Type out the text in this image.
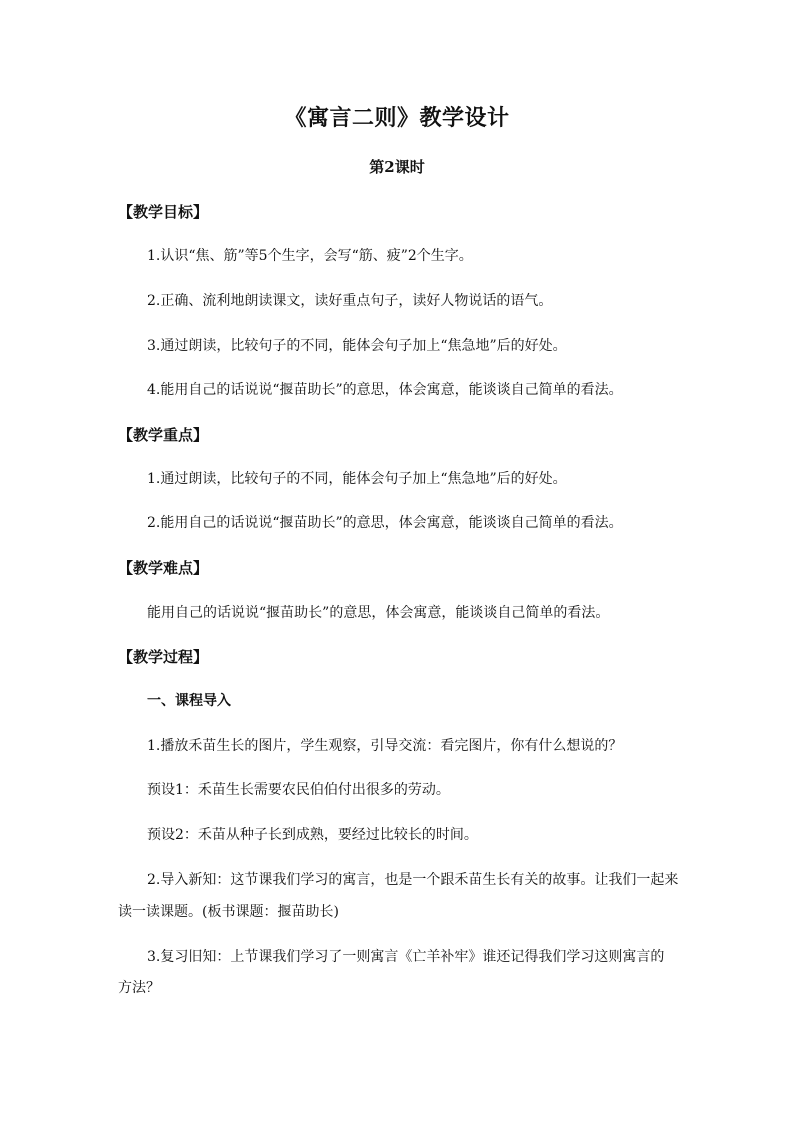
《寓言二则》教学设计
第2课时
【教学目标】
1.认识“焦、筋”等5个生字，会写“筋、疲”2个生字。
2.正确、流利地朗读课文，读好重点句子，读好人物说话的语气。
3.通过朗读，比较句子的不同，能体会句子加上“焦急地”后的好处。
4.能用自己的话说说“揠苗助长”的意思，体会寓意，能谈谈自己简单的看法。
【教学重点】
1.通过朗读，比较句子的不同，能体会句子加上“焦急地”后的好处。
2.能用自己的话说说“揠苗助长”的意思，体会寓意，能谈谈自己简单的看法。
【教学难点】
能用自己的话说说“揠苗助长”的意思，体会寓意，能谈谈自己简单的看法。
【教学过程】
一、课程导入
1.播放禾苗生长的图片，学生观察，引导交流：看完图片，你有什么想说的？
预设1：禾苗生长需要农民伯伯付出很多的劳动。
预设2：禾苗从种子长到成熟，要经过比较长的时间。
2.导入新知：这节课我们学习的寓言，也是一个跟禾苗生长有关的故事。让我们一起来
读一读课题。(板书课题：揠苗助长)
3.复习旧知：上节课我们学习了一则寓言《亡羊补牢》谁还记得我们学习这则寓言的
方法？
